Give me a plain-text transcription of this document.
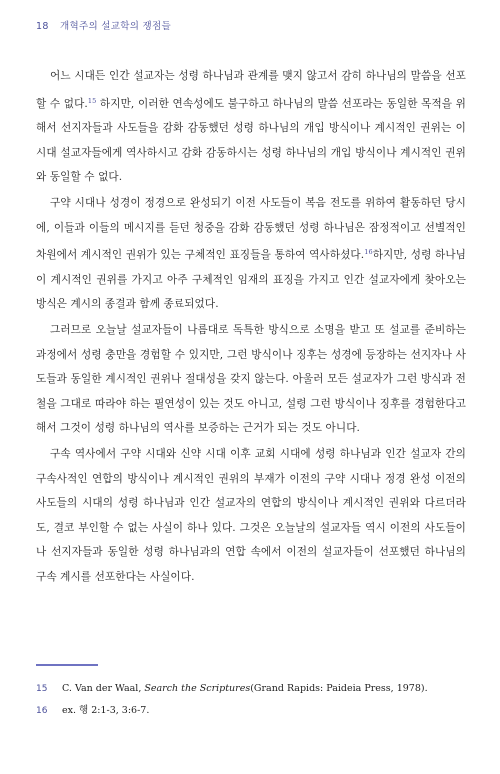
18 개혁주의 설교학의 쟁점들

어느 시대든 인간 설교자는 성령 하나님과 관계를 맺지 않고서 감히 하나님의 말씀을 선포할 수 없다.$^{15}$ 하지만, 이러한 연속성에도 불구하고 하나님의 말씀 선포라는 동일한 목적을 위해서 선지자들과 사도들을 감화 감동했던 성령 하나님의 개입 방식이나 계시적인 권위는 이 시대 설교자들에게 역사하시고 감화 감동하시는 성령 하나님의 개입 방식이나 계시적인 권위와 동일할 수 없다.

구약 시대나 성경이 정경으로 완성되기 이전 사도들이 복음 전도를 위하여 활동하던 당시에, 이들과 이들의 메시지를 듣던 청중을 감화 감동했던 성령 하나님은 잠정적이고 선별적인 차원에서 계시적인 권위가 있는 구체적인 표징들을 통하여 역사하셨다.$^{16}$하지만, 성령 하나님이 계시적인 권위를 가지고 아주 구체적인 임재의 표징을 가지고 인간 설교자에게 찾아오는 방식은 계시의 종결과 함께 종료되었다.

그러므로 오늘날 설교자들이 나름대로 독특한 방식으로 소명을 받고 또 설교를 준비하는 과정에서 성령 충만을 경험할 수 있지만, 그런 방식이나 징후는 성경에 등장하는 선지자나 사도들과 동일한 계시적인 권위나 절대성을 갖지 않는다. 아울러 모든 설교자가 그런 방식과 전철을 그대로 따라야 하는 필연성이 있는 것도 아니고, 설령 그런 방식이나 징후를 경험한다고 해서 그것이 성령 하나님의 역사를 보증하는 근거가 되는 것도 아니다.

구속 역사에서 구약 시대와 신약 시대 이후 교회 시대에 성령 하나님과 인간 설교자 간의 구속사적인 연합의 방식이나 계시적인 권위의 부재가 이전의 구약 시대나 정경 완성 이전의 사도들의 시대의 성령 하나님과 인간 설교자의 연합의 방식이나 계시적인 권위와 다르더라도, 결코 부인할 수 없는 사실이 하나 있다. 그것은 오늘날의 설교자들 역시 이전의 사도들이나 선지자들과 동일한 성령 하나님과의 연합 속에서 이전의 설교자들이 선포했던 하나님의 구속 계시를 선포한다는 사실이다.

15 C. Van der Waal, Search the Scriptures(Grand Rapids: Paideia Press, 1978).
16 ex. 행 2:1-3, 3:6-7.
